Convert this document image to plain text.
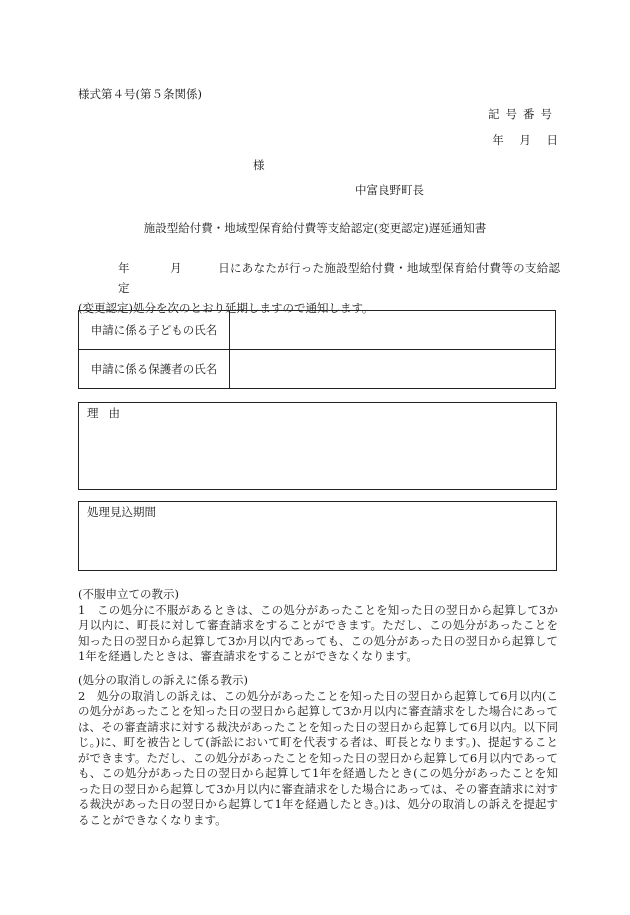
様式第４号(第５条関係)
記号番号
年 月 日
様
中富良野町長
施設型給付費・地域型保育給付費等支給認定(変更認定)遅延通知書
年	月	日にあなたが行った施設型給付費・地域型保育給付費等の支給認定
(変更認定)処分を次のとおり延期しますので通知します。
申請に係る子どもの氏名	
申請に係る保護者の氏名	
理由
処理見込期間

(不服申立ての教示)

1　この処分に不服があるときは、この処分があったことを知った日の翌日から起算して3か月以内に、町長に対して審査請求をすることができます。ただし、この処分があったことを知った日の翌日から起算して3か月以内であっても、この処分があった日の翌日から起算して1年を経過したときは、審査請求をすることができなくなります。

(処分の取消しの訴えに係る教示)

2　処分の取消しの訴えは、この処分があったことを知った日の翌日から起算して6月以内(この処分があったことを知った日の翌日から起算して3か月以内に審査請求をした場合にあっては、その審査請求に対する裁決があったことを知った日の翌日から起算して6月以内。以下同じ。)に、町を被告として(訴訟において町を代表する者は、町長となります。)、提起することができます。ただし、この処分があったことを知った日の翌日から起算して6月以内であっても、この処分があった日の翌日から起算して1年を経過したとき(この処分があったことを知った日の翌日から起算して3か月以内に審査請求をした場合にあっては、その審査請求に対する裁決があった日の翌日から起算して1年を経過したとき。)は、処分の取消しの訴えを提起することができなくなります。
